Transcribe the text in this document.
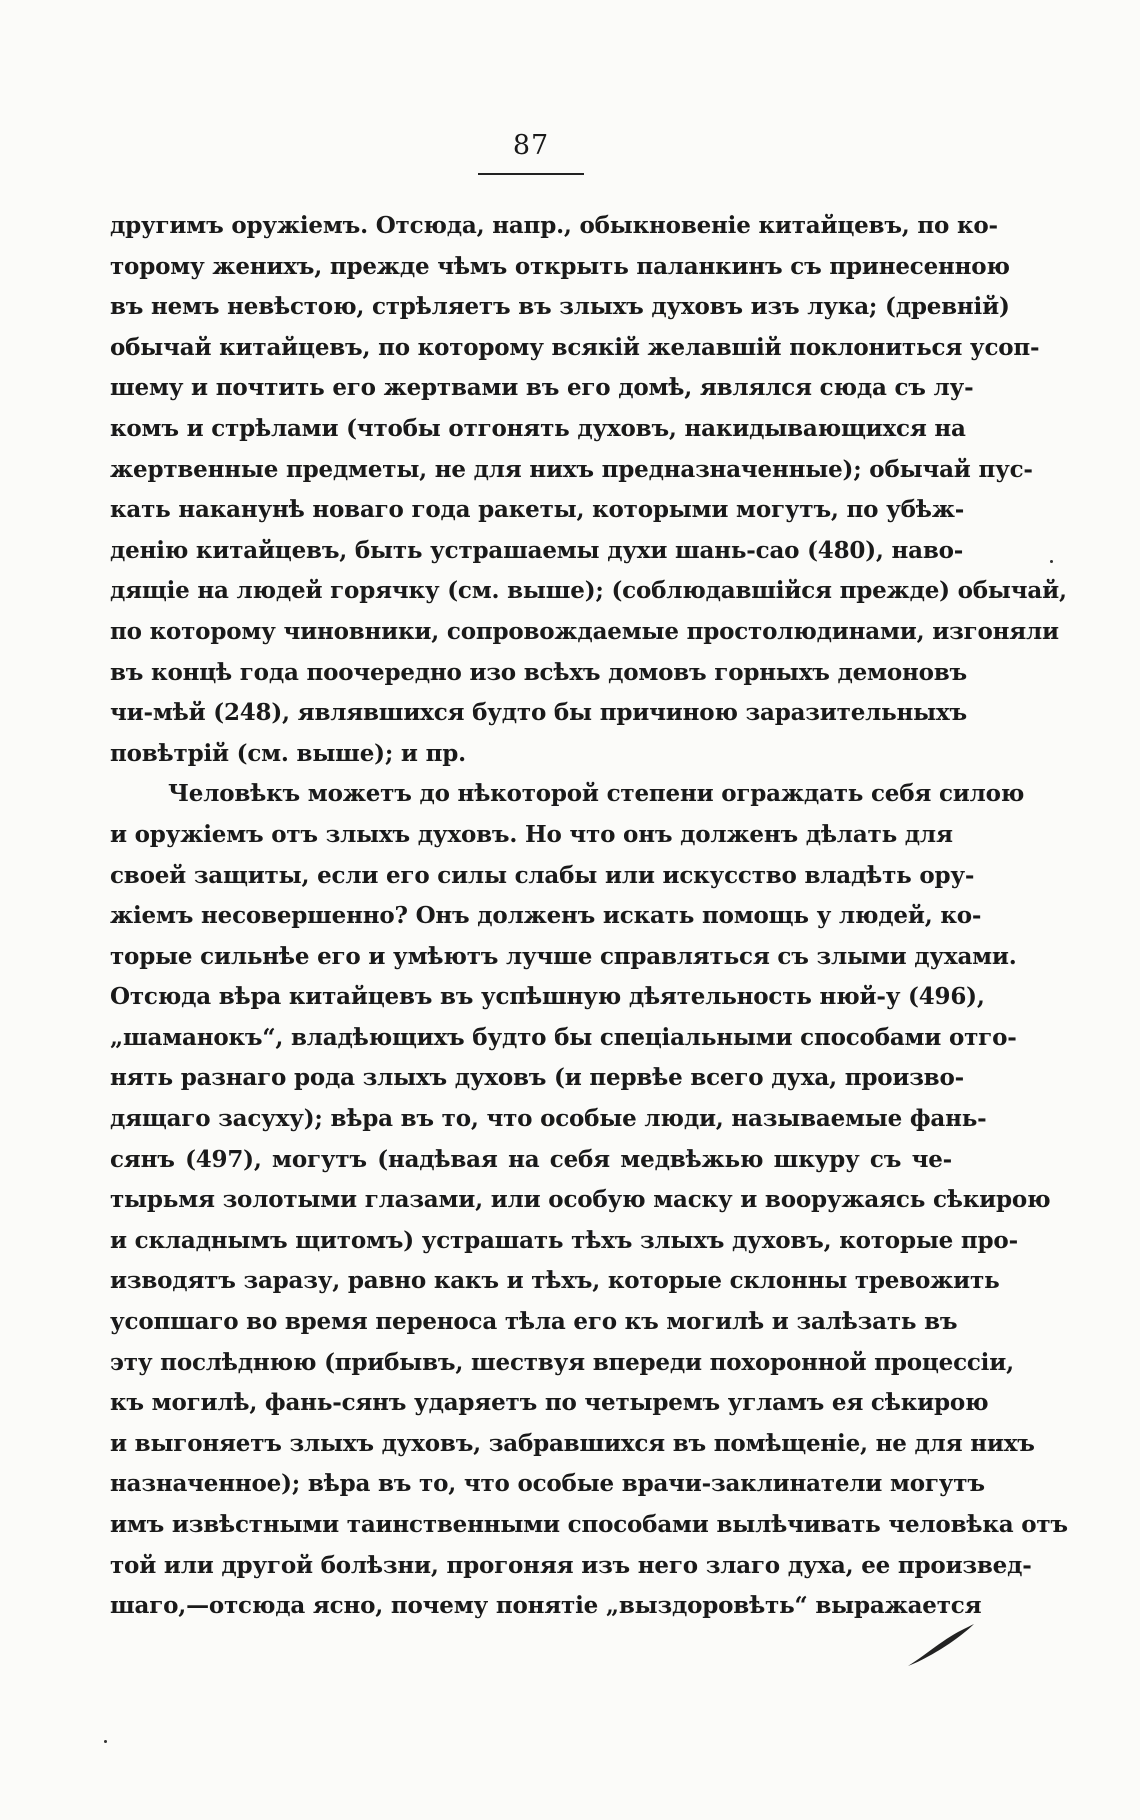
87
другимъ оружіемъ. Отсюда, напр., обыкновеніе китайцевъ, по ко-
торому женихъ, прежде чѣмъ открыть паланкинъ съ принесенною
въ немъ невѣстою, стрѣляетъ въ злыхъ духовъ изъ лука; (древній)
обычай китайцевъ, по которому всякій желавшій поклониться усоп-
шему и почтить его жертвами въ его домѣ, являлся сюда съ лу-
комъ и стрѣлами (чтобы отгонять духовъ, накидывающихся на
жертвенные предметы, не для нихъ предназначенные); обычай пус-
кать наканунѣ новаго года ракеты, которыми могутъ, по убѣж-
денію китайцевъ, быть устрашаемы духи шань-сао (480), наво-
дящіе на людей горячку (см. выше); (соблюдавшійся прежде) обычай,
по которому чиновники, сопровождаемые простолюдинами, изгоняли
въ концѣ года поочередно изо всѣхъ домовъ горныхъ демоновъ
чи-мѣй (248), являвшихся будто бы причиною заразительныхъ
повѣтрій (см. выше); и пр.
Человѣкъ можетъ до нѣкоторой степени ограждать себя силою
и оружіемъ отъ злыхъ духовъ. Но что онъ долженъ дѣлать для
своей защиты, если его силы слабы или искусство владѣть ору-
жіемъ несовершенно? Онъ долженъ искать помощь у людей, ко-
торые сильнѣе его и умѣютъ лучше справляться съ злыми духами.
Отсюда вѣра китайцевъ въ успѣшную дѣятельность нюй-у (496),
„шаманокъ“, владѣющихъ будто бы спеціальными способами отго-
нять разнаго рода злыхъ духовъ (и первѣе всего духа, произво-
дящаго засуху); вѣра въ то, что особые люди, называемые фань-
сянъ (497), могутъ (надѣвая на себя медвѣжью шкуру съ че-
тырьмя золотыми глазами, или особую маску и вооружаясь сѣкирою
и складнымъ щитомъ) устрашать тѣхъ злыхъ духовъ, которые про-
изводятъ заразу, равно какъ и тѣхъ, которые склонны тревожить
усопшаго во время переноса тѣла его къ могилѣ и залѣзать въ
эту послѣднюю (прибывъ, шествуя впереди похоронной процессіи,
къ могилѣ, фань-сянъ ударяетъ по четыремъ угламъ ея сѣкирою
и выгоняетъ злыхъ духовъ, забравшихся въ помѣщеніе, не для нихъ
назначенное); вѣра въ то, что особые врачи-заклинатели могутъ
имъ извѣстными таинственными способами вылѣчивать человѣка отъ
той или другой болѣзни, прогоняя изъ него злаго духа, ее произвед-
шаго,—отсюда ясно, почему понятіе „выздоровѣть“ выражается
